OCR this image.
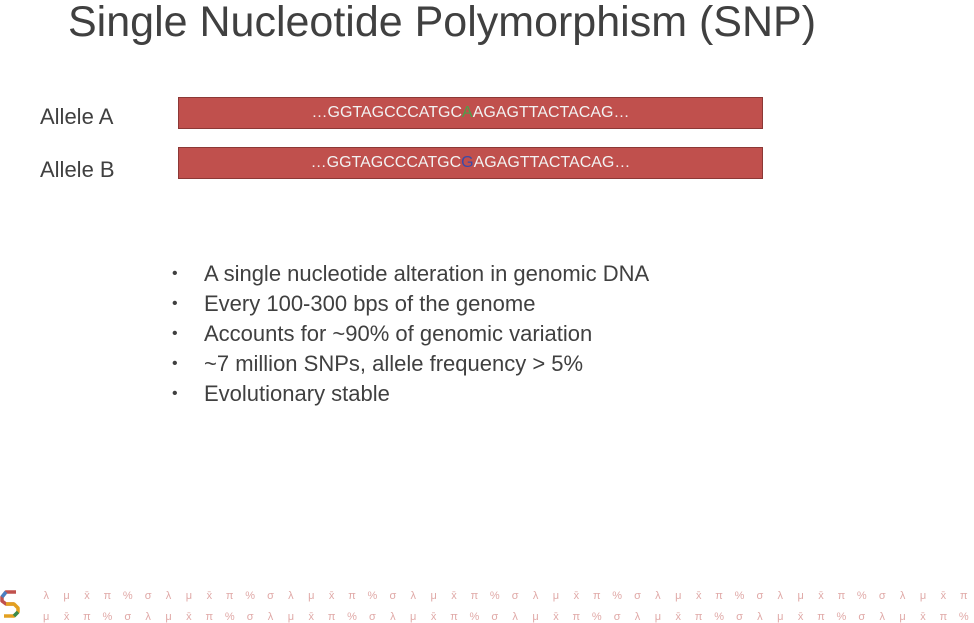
Single Nucleotide Polymorphism (SNP)
Allele A	…GGTAGCCCATGC A AGAGTTACTACAG…
Allele B	…GGTAGCCCATGC G AGAGTTACTACAG…
• A single nucleotide alteration in genomic DNA
• Every 100-300 bps of the genome
• Accounts for ~90% of genomic variation
• ~7 million SNPs, allele frequency > 5%
• Evolutionary stable
λ μ x̄ π % σ λ μ x̄ π % σ λ μ x̄ π % σ λ μ x̄ π % σ λ μ x̄ π % σ λ μ x̄ π % σ λ μ x̄ π % σ λ μ x̄ π
μ x̄ π % σ λ μ x̄ π % σ λ μ x̄ π % σ λ μ x̄ π % σ λ μ x̄ π % σ λ μ x̄ π % σ λ μ x̄ π % σ λ μ x̄ π %
